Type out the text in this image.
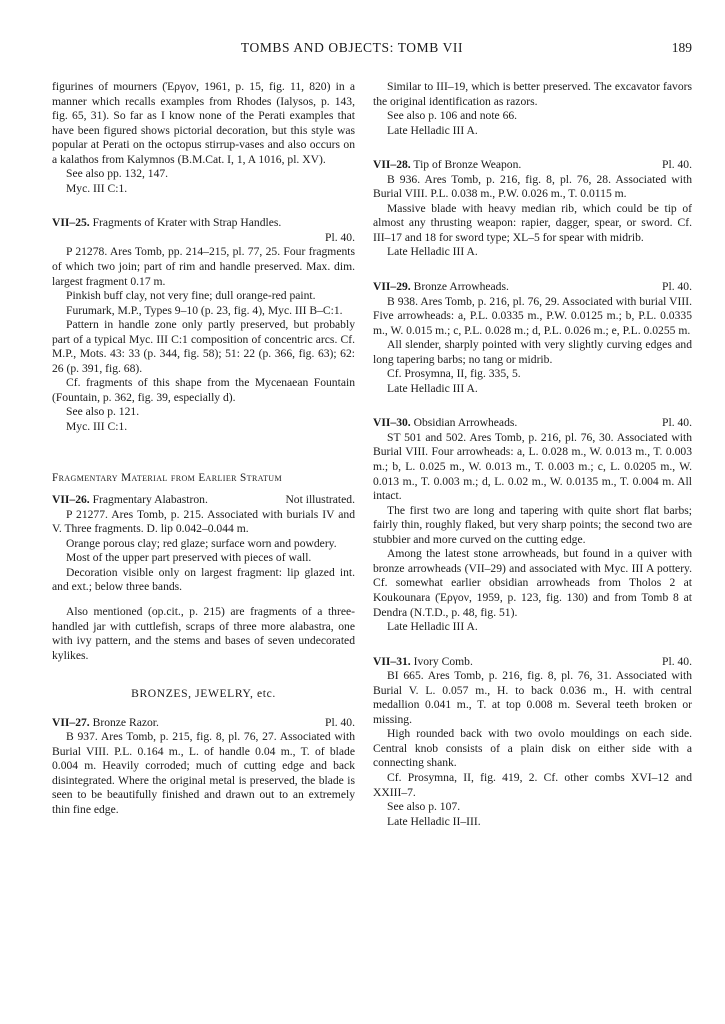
TOMBS AND OBJECTS: TOMB VII	189

figurines of mourners (Έργον, 1961, p. 15, fig. 11, 820) in a manner which recalls examples from Rhodes (Ialysos, p. 143, fig. 65, 31). So far as I know none of the Perati examples that have been figured shows pictorial decoration, but this style was popular at Perati on the octopus stirrup-vases and also occurs on a kalathos from Kalymnos (B.M.Cat. I, 1, A 1016, pl. XV).

See also pp. 132, 147.

Myc. III C:1.

VII–25. Fragments of Krater with Strap Handles.

Pl. 40.

P 21278. Ares Tomb, pp. 214–215, pl. 77, 25. Four fragments of which two join; part of rim and handle preserved. Max. dim. largest fragment 0.17 m.

Pinkish buff clay, not very fine; dull orange-red paint.

Furumark, M.P., Types 9–10 (p. 23, fig. 4), Myc. III B–C:1.

Pattern in handle zone only partly preserved, but probably part of a typical Myc. III C:1 composition of concentric arcs. Cf. M.P., Mots. 43: 33 (p. 344, fig. 58); 51: 22 (p. 366, fig. 63); 62: 26 (p. 391, fig. 68).

Cf. fragments of this shape from the Mycenaean Fountain (Fountain, p. 362, fig. 39, especially d).

See also p. 121.

Myc. III C:1.

Fragmentary Material from Earlier Stratum

VII–26. Fragmentary Alabastron.	Not illustrated.

P 21277. Ares Tomb, p. 215. Associated with burials IV and V. Three fragments. D. lip 0.042–0.044 m.

Orange porous clay; red glaze; surface worn and powdery.

Most of the upper part preserved with pieces of wall.

Decoration visible only on largest fragment: lip glazed int. and ext.; below three bands.

Also mentioned (op.cit., p. 215) are fragments of a three-handled jar with cuttlefish, scraps of three more alabastra, one with ivy pattern, and the stems and bases of seven undecorated kylikes.

BRONZES, JEWELRY, etc.

VII–27. Bronze Razor.	Pl. 40.

B 937. Ares Tomb, p. 215, fig. 8, pl. 76, 27. Associated with Burial VIII. P.L. 0.164 m., L. of handle 0.04 m., T. of blade 0.004 m. Heavily corroded; much of cutting edge and back disintegrated. Where the original metal is preserved, the blade is seen to be beautifully finished and drawn out to an extremely thin fine edge.

Similar to III–19, which is better preserved. The excavator favors the original identification as razors.

See also p. 106 and note 66.

Late Helladic III A.

VII–28. Tip of Bronze Weapon.	Pl. 40.

B 936. Ares Tomb, p. 216, fig. 8, pl. 76, 28. Associated with Burial VIII. P.L. 0.038 m., P.W. 0.026 m., T. 0.0115 m.

Massive blade with heavy median rib, which could be tip of almost any thrusting weapon: rapier, dagger, spear, or sword. Cf. III–17 and 18 for sword type; XL–5 for spear with midrib.

Late Helladic III A.

VII–29. Bronze Arrowheads.	Pl. 40.

B 938. Ares Tomb, p. 216, pl. 76, 29. Associated with burial VIII. Five arrowheads: a, P.L. 0.0335 m., P.W. 0.0125 m.; b, P.L. 0.0335 m., W. 0.015 m.; c, P.L. 0.028 m.; d, P.L. 0.026 m.; e, P.L. 0.0255 m.

All slender, sharply pointed with very slightly curving edges and long tapering barbs; no tang or midrib.

Cf. Prosymna, II, fig. 335, 5.

Late Helladic III A.

VII–30. Obsidian Arrowheads.	Pl. 40.

ST 501 and 502. Ares Tomb, p. 216, pl. 76, 30. Associated with Burial VIII. Four arrowheads: a, L. 0.028 m., W. 0.013 m., T. 0.003 m.; b, L. 0.025 m., W. 0.013 m., T. 0.003 m.; c, L. 0.0205 m., W. 0.013 m., T. 0.003 m.; d, L. 0.02 m., W. 0.0135 m., T. 0.004 m. All intact.

The first two are long and tapering with quite short flat barbs; fairly thin, roughly flaked, but very sharp points; the second two are stubbier and more curved on the cutting edge.

Among the latest stone arrowheads, but found in a quiver with bronze arrowheads (VII–29) and associated with Myc. III A pottery. Cf. somewhat earlier obsidian arrowheads from Tholos 2 at Koukounara (Έργον, 1959, p. 123, fig. 130) and from Tomb 8 at Dendra (N.T.D., p. 48, fig. 51).

Late Helladic III A.

VII–31. Ivory Comb.	Pl. 40.

BI 665. Ares Tomb, p. 216, fig. 8, pl. 76, 31. Associated with Burial V. L. 0.057 m., H. to back 0.036 m., H. with central medallion 0.041 m., T. at top 0.008 m. Several teeth broken or missing.

High rounded back with two ovolo mouldings on each side. Central knob consists of a plain disk on either side with a connecting shank.

Cf. Prosymna, II, fig. 419, 2. Cf. other combs XVI–12 and XXIII–7.

See also p. 107.

Late Helladic II–III.
